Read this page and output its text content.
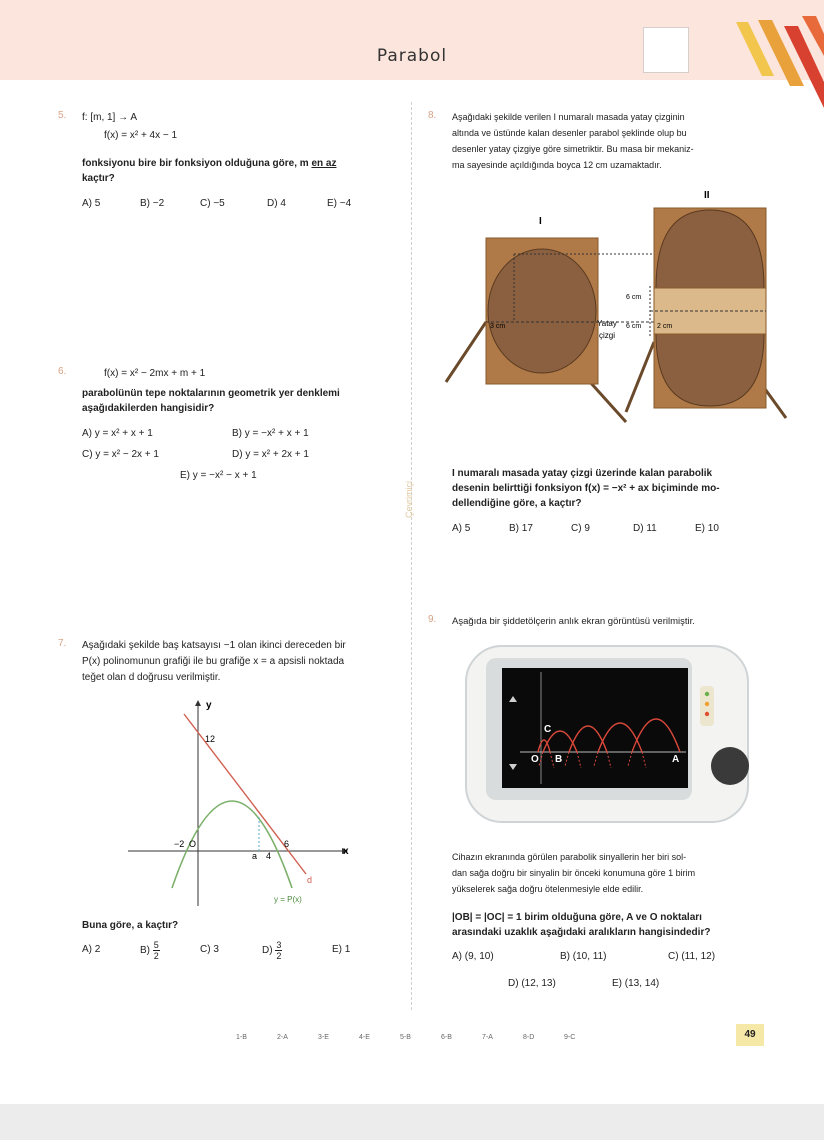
Parabol
Çevrimiçi
5. f: [m, 1] → A
f(x) = x² + 4x − 1
fonksiyonu bire bir fonksiyon olduğuna göre, m en az
kaçtır?
A) 5	B) −2	C) −5	D) 4	E) −4
6.	f(x) = x² − 2mx + m + 1
parabolünün tepe noktalarının geometrik yer denklemi
aşağıdakilerden hangisidir?
A) y = x² + x + 1	B) y = −x² + x + 1
C) y = x² − 2x + 1	D) y = x² + 2x + 1
E) y = −x² − x + 1
7. Aşağıdaki şekilde baş katsayısı −1 olan ikinci dereceden bir
P(x) polinomunun grafiği ile bu grafiğe x = a apsisli noktada
teğet olan d doğrusu verilmiştir.
y
x
12
−2 O
a 4
6
d
y = P(x)
Buna göre, a kaçtır?
A) 2	$B) \frac{5}{2}$	C) 3	$D) \frac{3}{2}$	E) 1
8. Aşağıdaki şekilde verilen I numaralı masada yatay çizginin
altında ve üstünde kalan desenler parabol şeklinde olup bu
desenler yatay çizgiye göre simetriktir. Bu masa bir mekaniz-
ma sayesinde açıldığında boyca 12 cm uzamaktadır.
I
3 cm	Yatay
çizgi
II
6 cm
6 cm 2 cm
I numaralı masada yatay çizgi üzerinde kalan parabolik
desenin belirttiği fonksiyon f(x) = −x² + ax biçiminde mo-
dellendiğine göre, a kaçtır?
A) 5	B) 17	C) 9	D) 11	E) 10
9. Aşağıda bir şiddetölçerin anlık ekran görüntüsü verilmiştir.
C
O B	A
Cihazın ekranında görülen parabolik sinyallerin her biri sol-
dan sağa doğru bir sinyalin bir önceki konumuna göre 1 birim
yükselerek sağa doğru ötelenmesiyle elde edilir.
|OB| = |OC| = 1 birim olduğuna göre, A ve O noktaları
arasındaki uzaklık aşağıdaki aralıkların hangisindedir?
A) (9, 10)	B) (10, 11)	C) (11, 12)
D) (12, 13)	E) (13, 14)
1-B	2-A	3-E	4-E	5-B	6-B	7-A	8-D	9-C	49
